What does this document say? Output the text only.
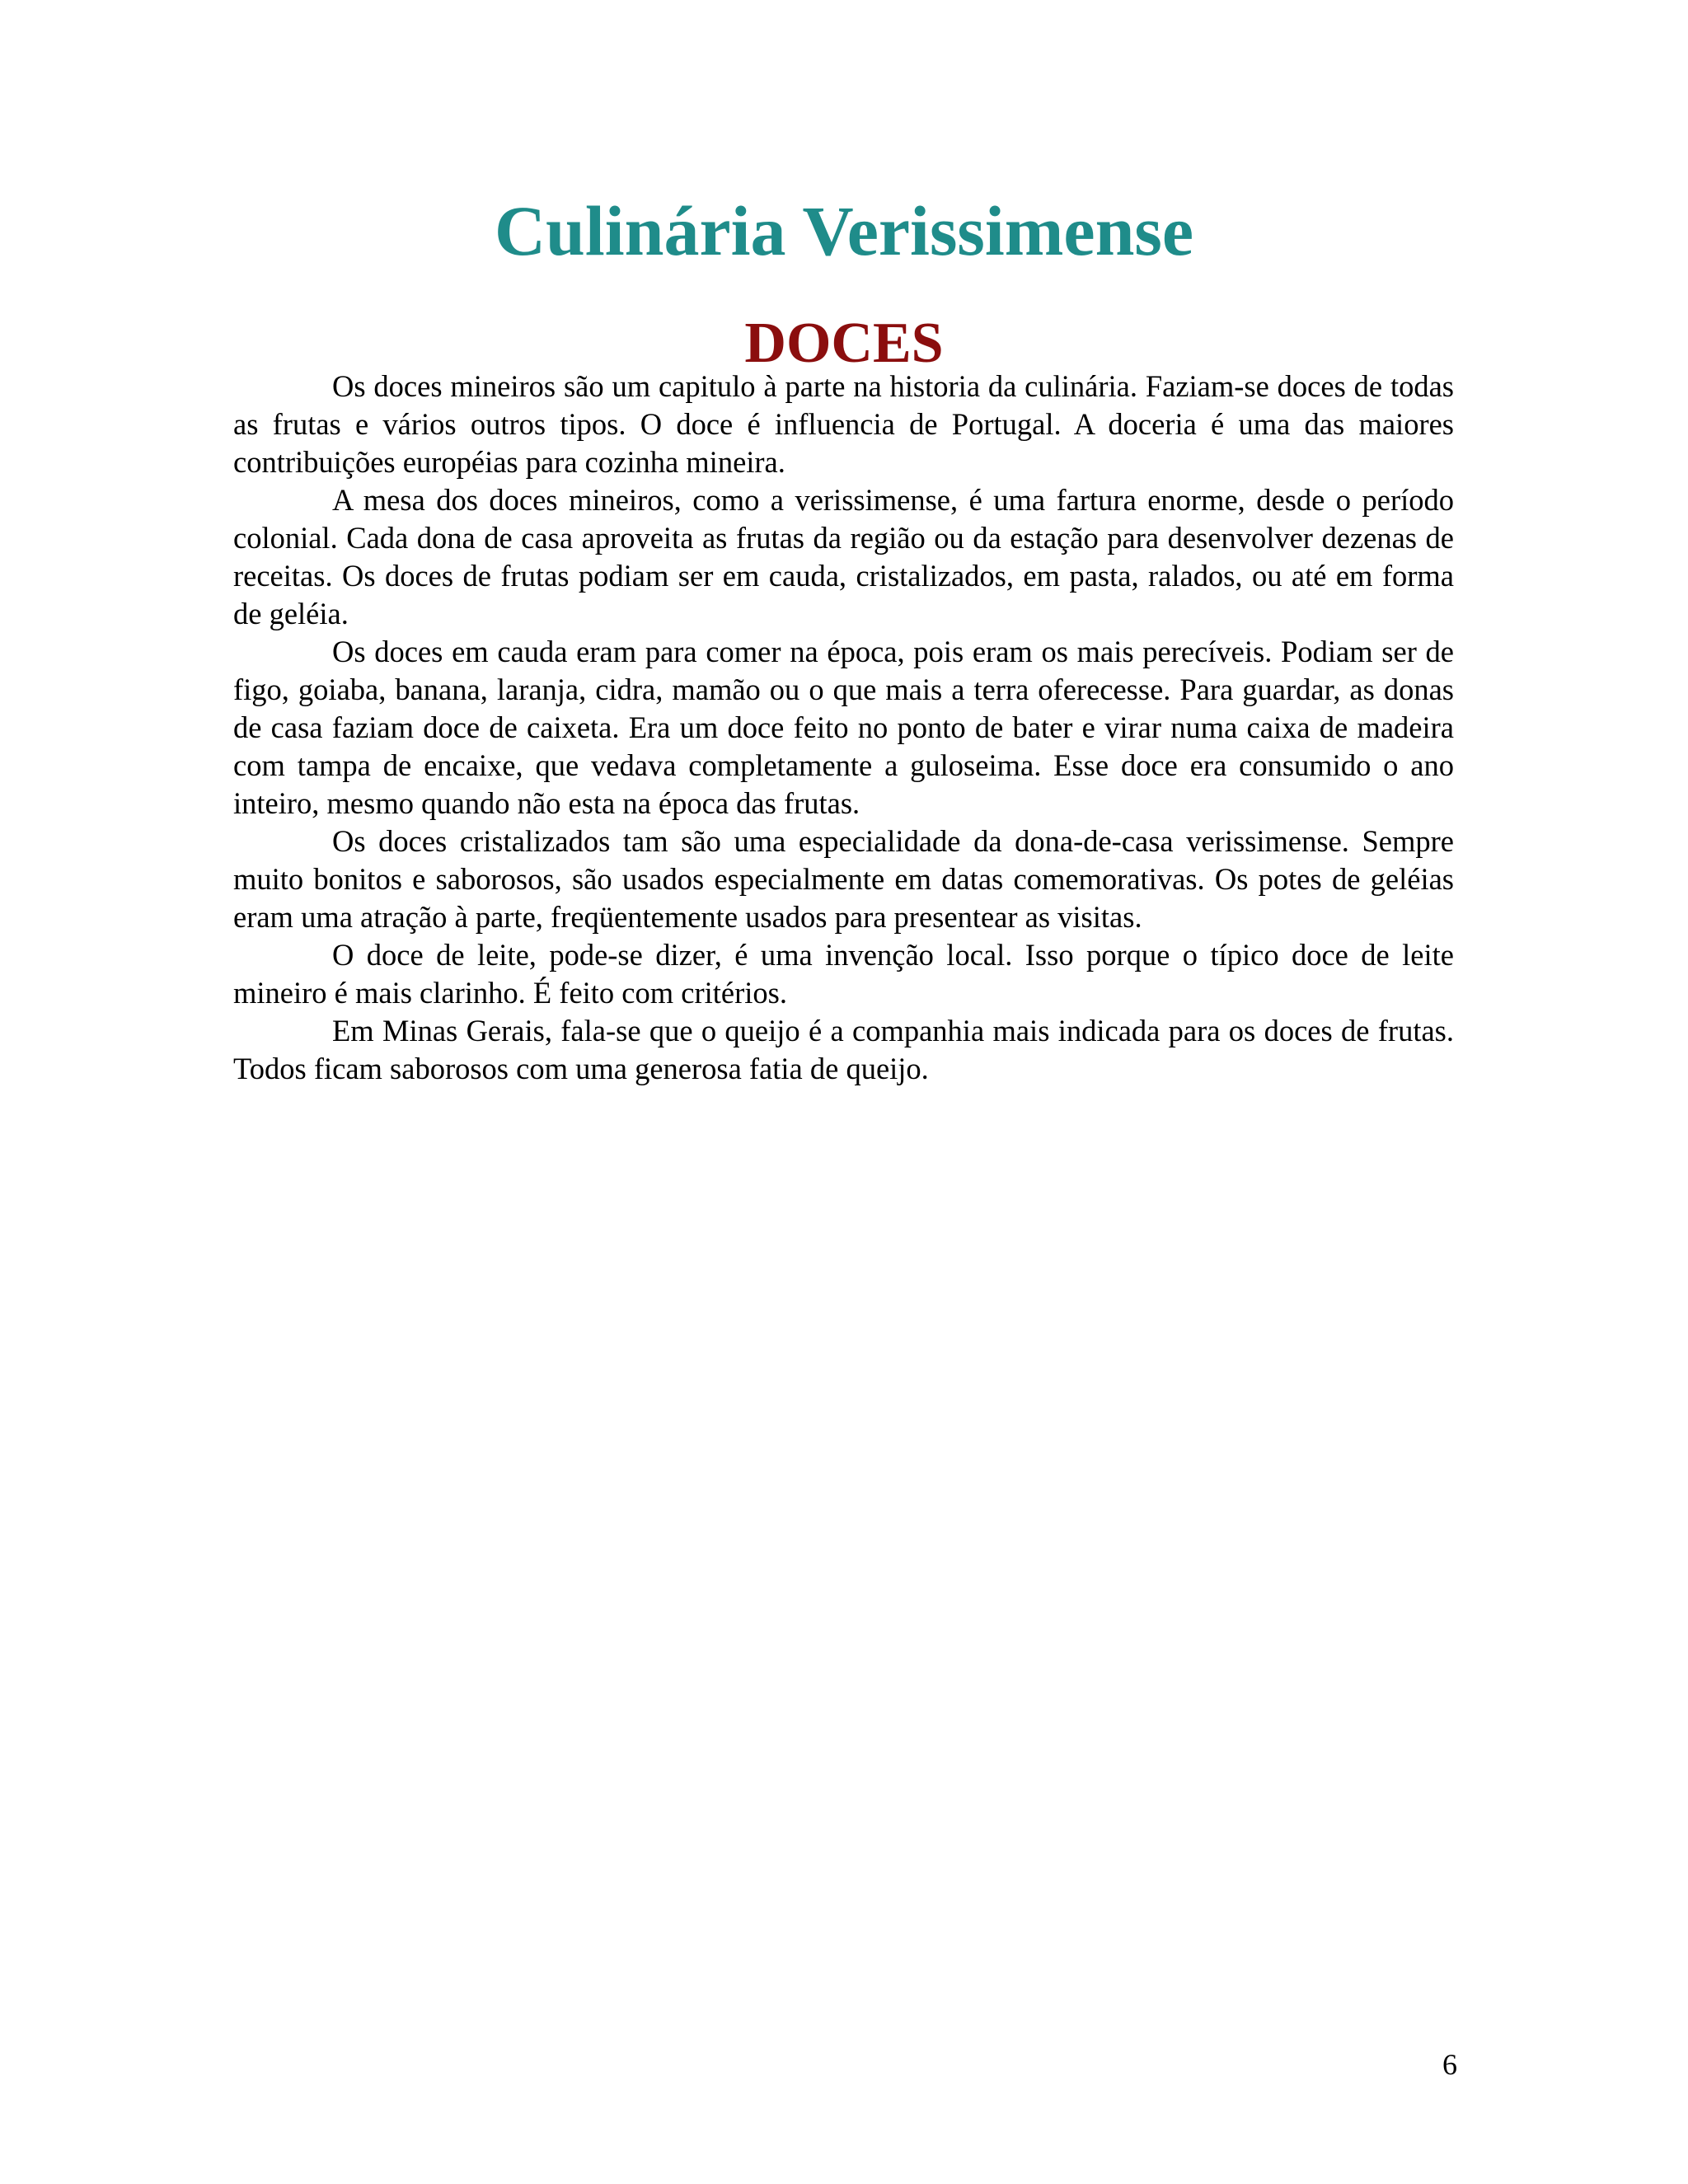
Culinária Verissimense
DOCES

Os doces mineiros são um capitulo à parte na historia da culinária. Faziam-se doces de todas as frutas e vários outros tipos. O doce é influencia de Portugal. A doceria é uma das maiores contribuições européias para cozinha mineira.

A mesa dos doces mineiros, como a verissimense, é uma fartura enorme, desde o período colonial. Cada dona de casa aproveita as frutas da região ou da estação para desenvolver dezenas de receitas. Os doces de frutas podiam ser em cauda, cristalizados, em pasta, ralados, ou até em forma de geléia.

Os doces em cauda eram para comer na época, pois eram os mais perecíveis. Podiam ser de figo, goiaba, banana, laranja, cidra, mamão ou o que mais a terra oferecesse. Para guardar, as donas de casa faziam doce de caixeta. Era um doce feito no ponto de bater e virar numa caixa de madeira com tampa de encaixe, que vedava completamente a guloseima. Esse doce era consumido o ano inteiro, mesmo quando não esta na época das frutas.

Os doces cristalizados tam são uma especialidade da dona-de-casa verissimense. Sempre muito bonitos e saborosos, são usados especialmente em datas comemorativas. Os potes de geléias eram uma atração à parte, freqüentemente usados para presentear as visitas.

O doce de leite, pode-se dizer, é uma invenção local. Isso porque o típico doce de leite mineiro é mais clarinho. É feito com critérios.

Em Minas Gerais, fala-se que o queijo é a companhia mais indicada para os doces de frutas. Todos ficam saborosos com uma generosa fatia de queijo.

6
